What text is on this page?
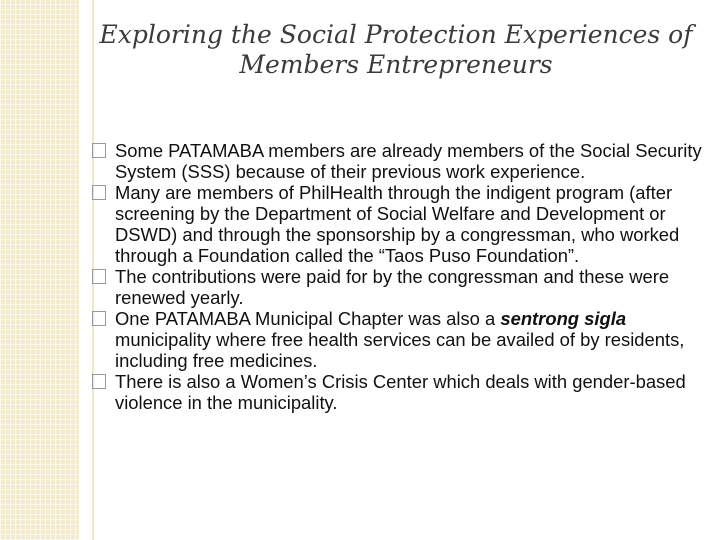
Exploring the Social Protection Experiences of
Members Entrepreneurs
Some PATAMABA members are already members of the Social Security System (SSS) because of their previous work experience.
Many are members of PhilHealth through the indigent program (after screening by the Department of Social Welfare and Development or DSWD) and through the sponsorship by a congressman, who worked through a Foundation called the “Taos Puso Foundation”.
The contributions were paid for by the congressman and these were renewed yearly.
One PATAMABA Municipal Chapter was also a sentrong sigla municipality where free health services can be availed of by residents, including free medicines.
There is also a Women’s Crisis Center which deals with gender-based violence in the municipality.
